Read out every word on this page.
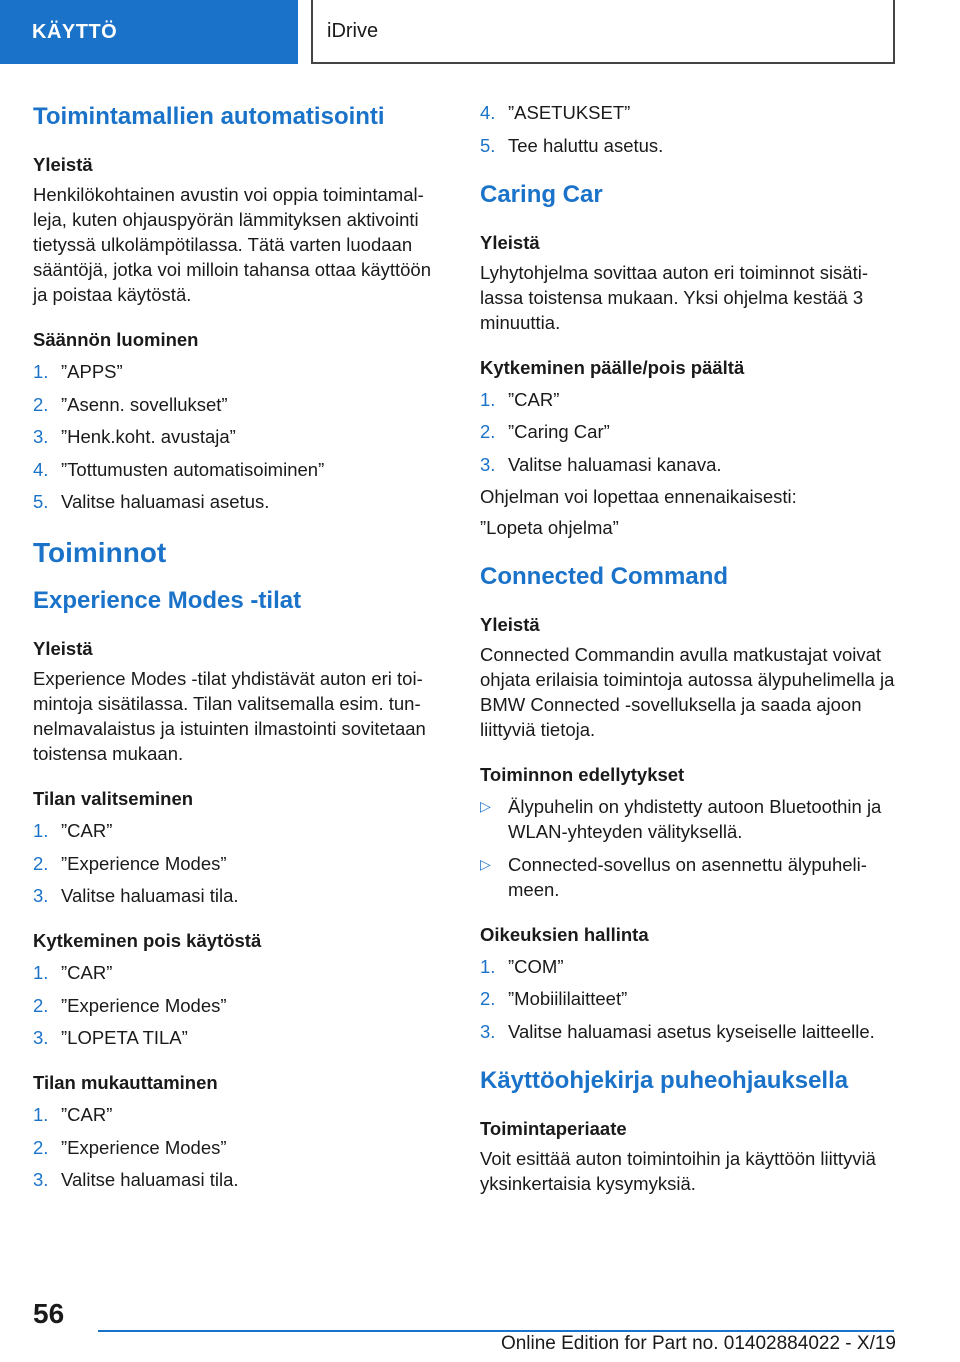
KÄYTTÖ	iDrive
Toimintamallien automatisointi
Yleistä

Henkilökohtainen avustin voi oppia toimintamalleja, kuten ohjauspyörän lämmityksen aktivointi tietyssä ulkolämpötilassa. Tätä varten luodaan sääntöjä, jotka voi milloin tahansa ottaa käyttöön ja poistaa käytöstä.

Säännön luominen
1. ”APPS”
2. ”Asenn. sovellukset”
3. ”Henk.koht. avustaja”
4. ”Tottumusten automatisoiminen”
5. Valitse haluamasi asetus.
Toiminnot
Experience Modes -tilat
Yleistä

Experience Modes -tilat yhdistävät auton eri toimintoja sisätilassa. Tilan valitsemalla esim. tunnelmavalaistus ja istuinten ilmastointi sovitetaan toistensa mukaan.

Tilan valitseminen
1. ”CAR”
2. ”Experience Modes”
3. Valitse haluamasi tila.
Kytkeminen pois käytöstä
1. ”CAR”
2. ”Experience Modes”
3. ”LOPETA TILA”
Tilan mukauttaminen
1. ”CAR”
2. ”Experience Modes”
3. Valitse haluamasi tila.
4. ”ASETUKSET”
5. Tee haluttu asetus.
Caring Car
Yleistä

Lyhytohjelma sovittaa auton eri toiminnot sisätilassa toistensa mukaan. Yksi ohjelma kestää 3 minuuttia.

Kytkeminen päälle/pois päältä
1. ”CAR”
2. ”Caring Car”
3. Valitse haluamasi kanava.

Ohjelman voi lopettaa ennenaikaisesti:

”Lopeta ohjelma”

Connected Command
Yleistä

Connected Commandin avulla matkustajat voivat ohjata erilaisia toimintoja autossa älypuhelimella ja BMW Connected -sovelluksella ja saada ajoon liittyviä tietoja.

Toiminnon edellytykset
▷ Älypuhelin on yhdistetty autoon Bluetoothin ja WLAN-yhteyden välityksellä.
▷ Connected-sovellus on asennettu älypuhelimeen.
Oikeuksien hallinta
1. ”COM”
2. ”Mobiililaitteet”
3. Valitse haluamasi asetus kyseiselle laitteelle.
Käyttöohjekirja puheohjauksella
Toimintaperiaate

Voit esittää auton toimintoihin ja käyttöön liittyviä yksinkertaisia kysymyksiä.

56
Online Edition for Part no. 01402884022 - X/19
